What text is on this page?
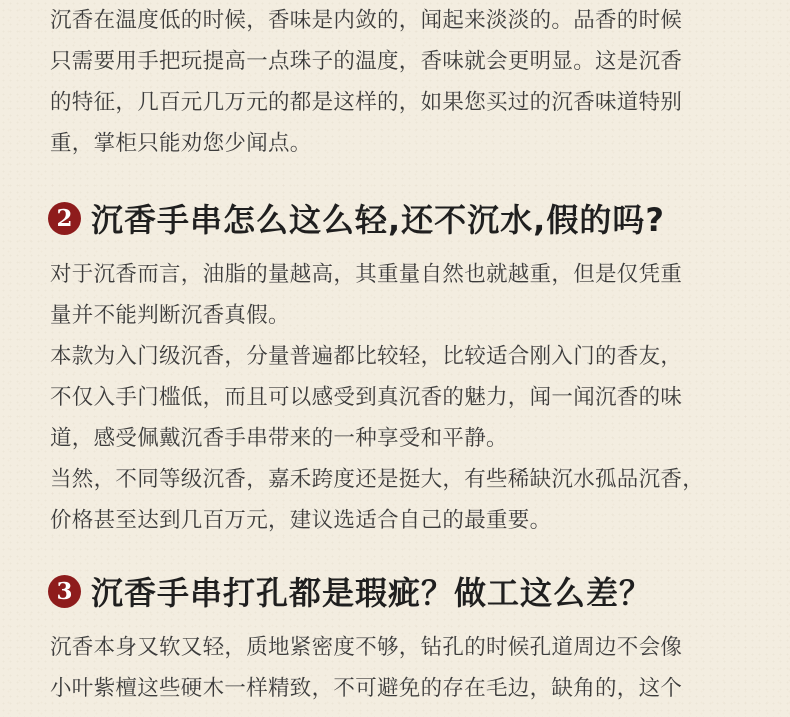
沉香在温度低的时候，香味是内敛的，闻起来淡淡的。品香的时候
只需要用手把玩提高一点珠子的温度，香味就会更明显。这是沉香
的特征，几百元几万元的都是这样的，如果您买过的沉香味道特别
重，掌柜只能劝您少闻点。
2 沉香手串怎么这么轻,还不沉水,假的吗?
对于沉香而言，油脂的量越高，其重量自然也就越重，但是仅凭重
量并不能判断沉香真假。
本款为入门级沉香，分量普遍都比较轻，比较适合刚入门的香友，
不仅入手门槛低，而且可以感受到真沉香的魅力，闻一闻沉香的味
道，感受佩戴沉香手串带来的一种享受和平静。
当然，不同等级沉香，嘉禾跨度还是挺大，有些稀缺沉水孤品沉香，
价格甚至达到几百万元，建议选适合自己的最重要。
3 沉香手串打孔都是瑕疵？做工这么差？
沉香本身又软又轻，质地紧密度不够，钻孔的时候孔道周边不会像
小叶紫檀这些硬木一样精致，不可避免的存在毛边，缺角的，这个
